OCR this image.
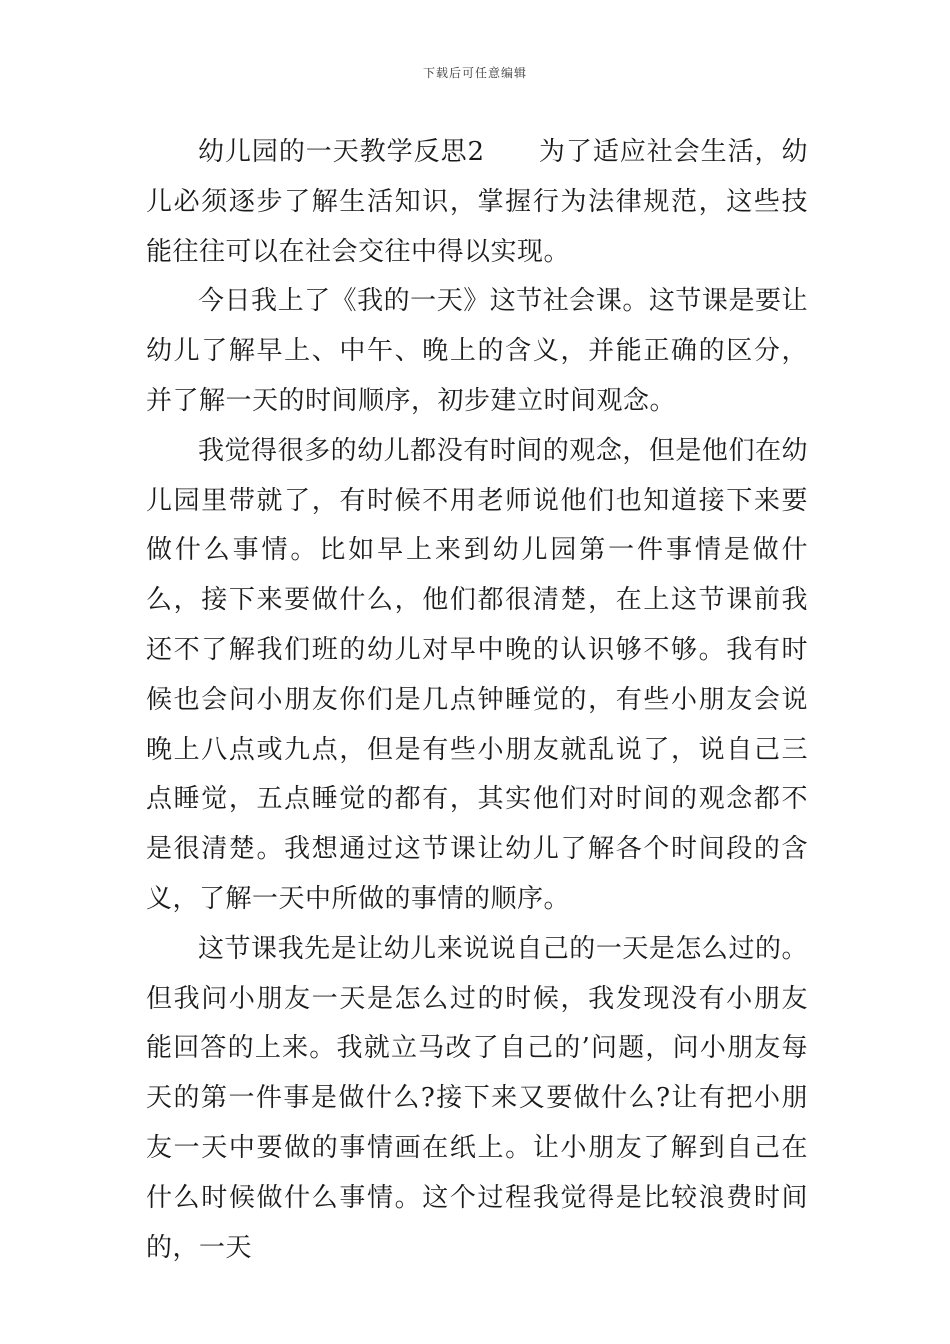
下载后可任意编辑

幼儿园的一天教学反思2　　为了适应社会生活，幼儿必须逐步了解生活知识，掌握行为法律规范，这些技能往往可以在社会交往中得以实现。

今日我上了《我的一天》这节社会课。这节课是要让幼儿了解早上、中午、晚上的含义，并能正确的区分，并了解一天的时间顺序，初步建立时间观念。

我觉得很多的幼儿都没有时间的观念，但是他们在幼儿园里带就了，有时候不用老师说他们也知道接下来要做什么事情。比如早上来到幼儿园第一件事情是做什么，接下来要做什么，他们都很清楚，在上这节课前我还不了解我们班的幼儿对早中晚的认识够不够。我有时候也会问小朋友你们是几点钟睡觉的，有些小朋友会说晚上八点或九点，但是有些小朋友就乱说了，说自己三点睡觉，五点睡觉的都有，其实他们对时间的观念都不是很清楚。我想通过这节课让幼儿了解各个时间段的含义，了解一天中所做的事情的顺序。

这节课我先是让幼儿来说说自己的一天是怎么过的。但我问小朋友一天是怎么过的时候，我发现没有小朋友能回答的上来。我就立马改了自己的’问题，问小朋友每天的第一件事是做什么?接下来又要做什么?让有把小朋友一天中要做的事情画在纸上。让小朋友了解到自己在什么时候做什么事情。这个过程我觉得是比较浪费时间的，一天
